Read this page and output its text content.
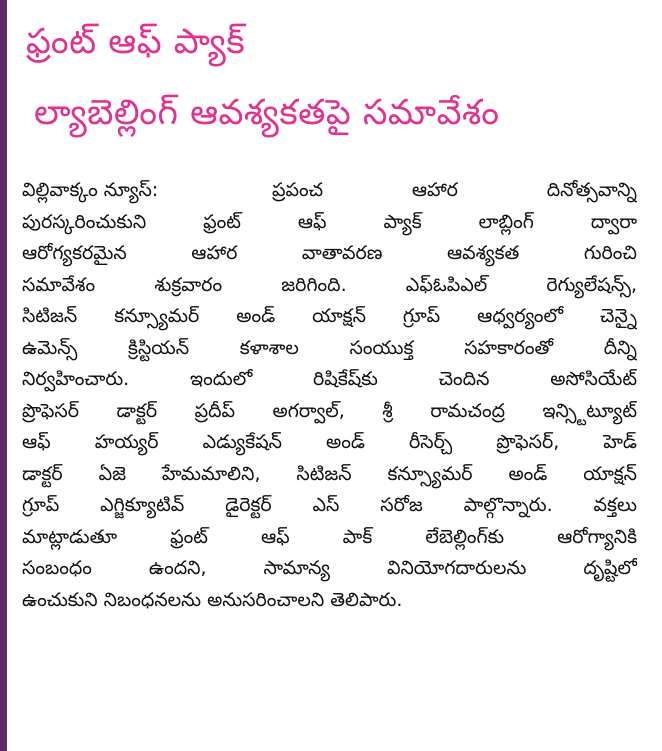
ఫ్రంట్ ఆఫ్ ప్యాక్
ల్యాబెల్లింగ్ ఆవశ్యకతపై సమావేశం
విల్లివాక్కం న్యూస్:	ప్రపంచ ఆహార దినోత్సవాన్ని
పురస్కరించుకుని ఫ్రంట్ ఆఫ్ ప్యాక్ లాబ్లింగ్ ద్వారా
ఆరోగ్యకరమైన ఆహార వాతావరణ ఆవశ్యకత గురించి
సమావేశం శుక్రవారం జరిగింది. ఎఫ్ఓపిఎల్ రెగ్యులేషన్స్,
సిటిజన్ కన్స్యూమర్ అండ్ యాక్షన్ గ్రూప్ ఆధ్వర్యంలో చెన్నై
ఉమెన్స్ క్రిస్టియన్ కళాశాల సంయుక్త సహకారంతో దీన్ని
నిర్వహించారు. ఇందులో రిషికేష్‌కు చెందిన అసోసియేట్
ప్రొఫెసర్ డాక్టర్ ప్రదీప్ అగర్వాల్, శ్రీ రామచంద్ర ఇన్స్టిట్యూట్
ఆఫ్ హయ్యర్ ఎడ్యుకేషన్ అండ్ రీసెర్చ్ ప్రొఫెసర్, హెడ్
డాక్టర్ ఏజె హేమమాలిని, సిటిజన్ కన్స్యూమర్ అండ్ యాక్షన్
గ్రూప్ ఎగ్జిక్యూటివ్ డైరెక్టర్ ఎస్ సరోజ పాల్గొన్నారు. వక్తలు
మాట్లాడుతూ ఫ్రంట్ ఆఫ్ పాక్ లేబెల్లింగ్‌కు ఆరోగ్యానికి
సంబంధం ఉందని, సామాన్య వినియోగదారులను దృష్టిలో
ఉంచుకుని నిబంధనలను అనుసరించాలని తెలిపారు.
